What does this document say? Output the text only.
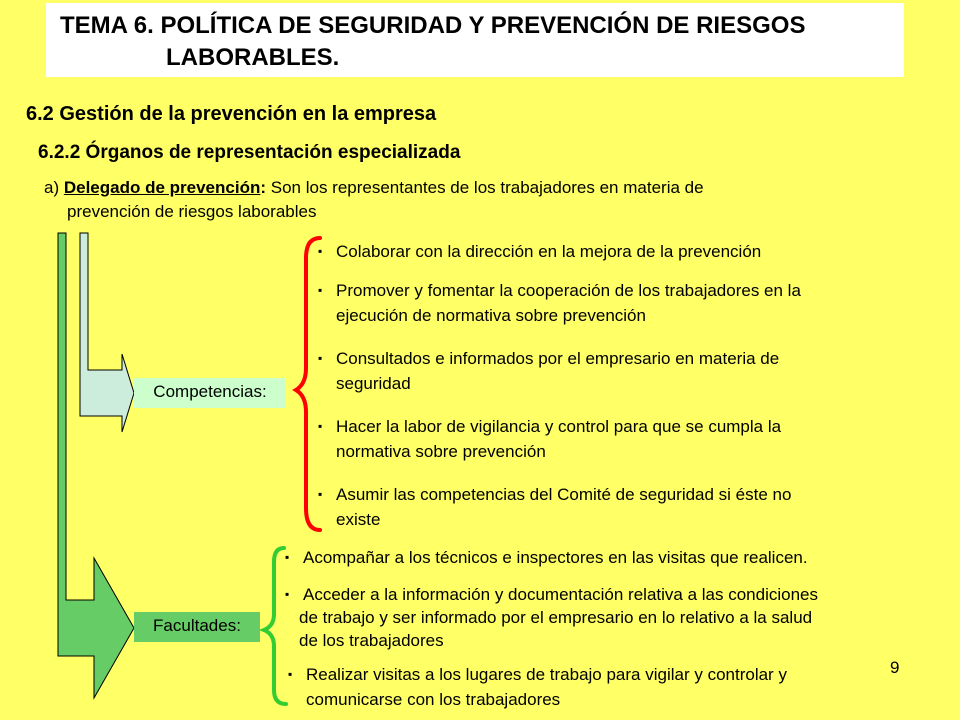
TEMA 6. POLÍTICA DE SEGURIDAD Y PREVENCIÓN DE RIESGOS
LABORABLES.
6.2 Gestión de la prevención en la empresa
6.2.2 Órganos de representación especializada
a) Delegado de prevención: Son los representantes de los trabajadores en materia de
prevención de riesgos laborables
Competencias:
Facultades:
▪ Colaborar con la dirección en la mejora de la prevención
▪ Promover y fomentar la cooperación de los trabajadores en la
ejecución de normativa sobre prevención
▪ Consultados e informados por el empresario en materia de
seguridad
▪ Hacer la labor de vigilancia y control para que se cumpla la
normativa sobre prevención
▪ Asumir las competencias del Comité de seguridad si éste no
existe
▪ Acompañar a los técnicos e inspectores en las visitas que realicen.
▪ Acceder a la información y documentación relativa a las condiciones
de trabajo y ser informado por el empresario en lo relativo a la salud
de los trabajadores
▪ Realizar visitas a los lugares de trabajo para vigilar y controlar y
comunicarse con los trabajadores
9
